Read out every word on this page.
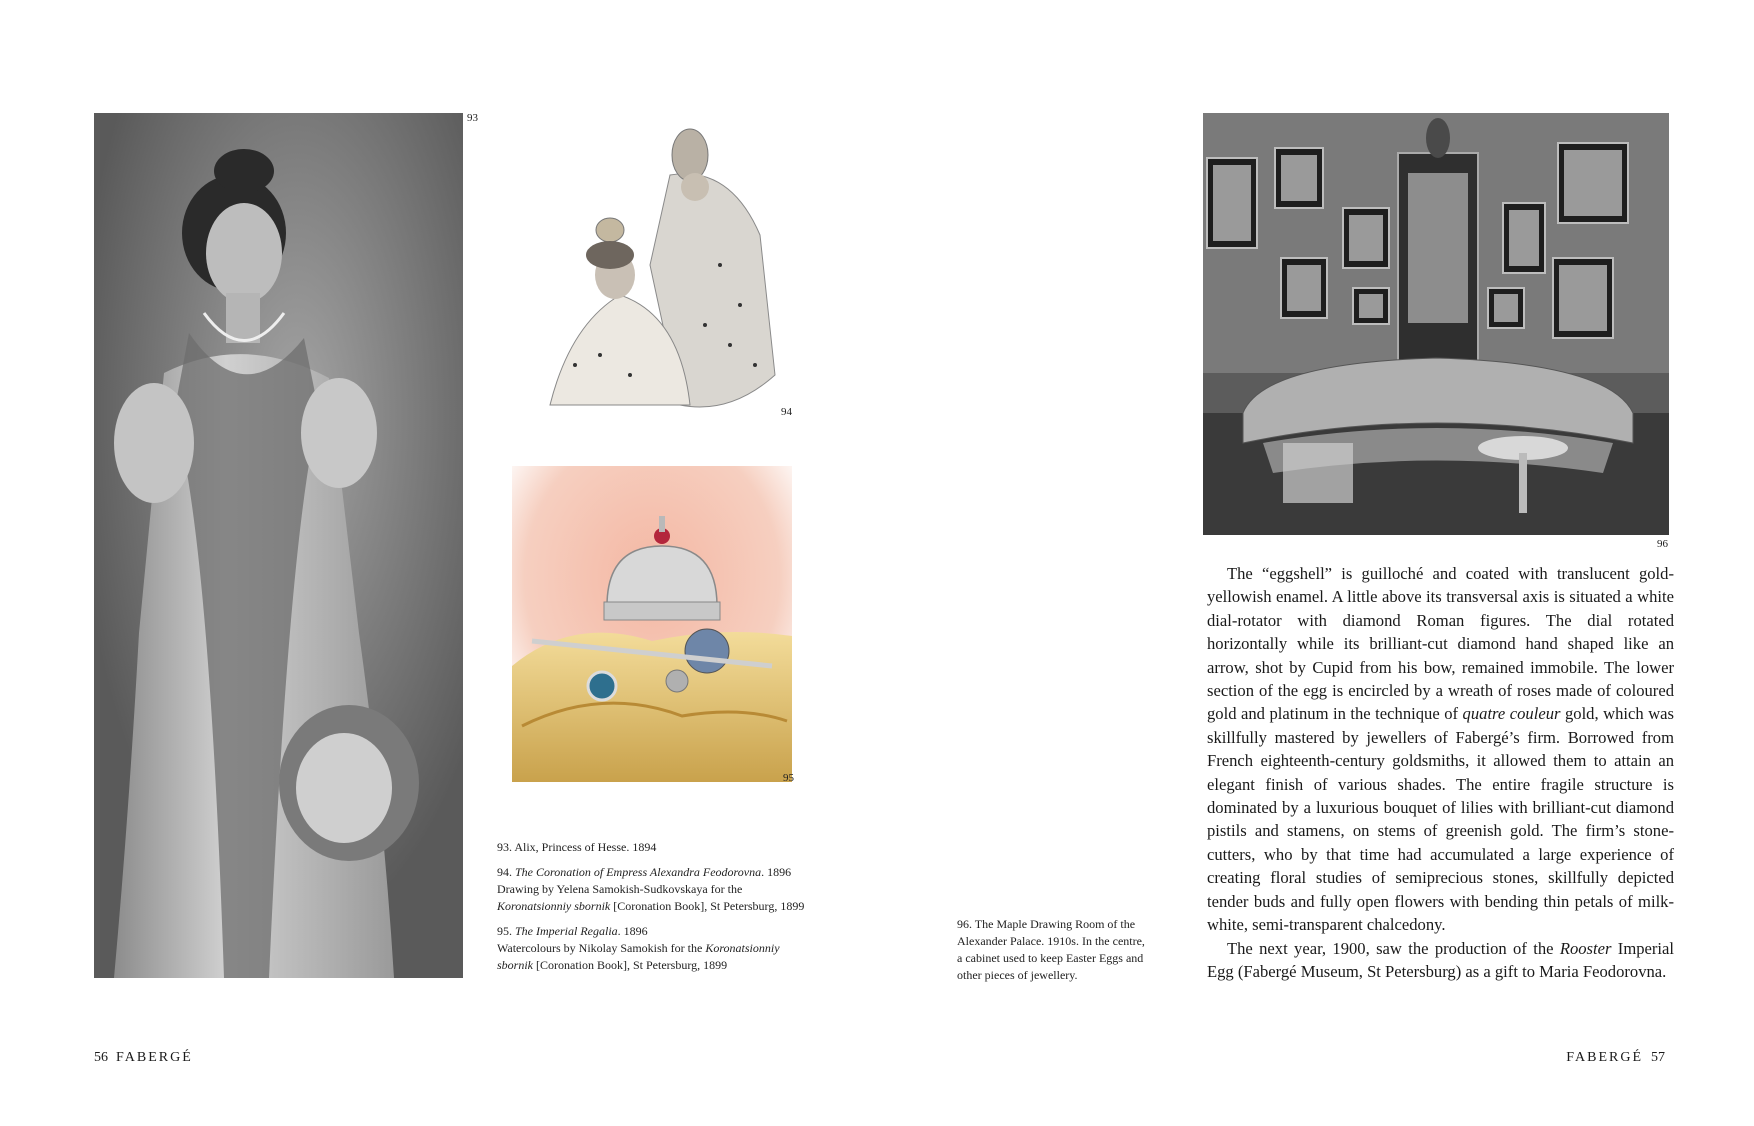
93
94
95
96

93. Alix, Princess of Hesse. 1894

94. The Coronation of Empress Alexandra Feodorovna. 1896
Drawing by Yelena Samokish-Sudkovskaya for the
Koronatsionniy sbornik [Coronation Book], St Petersburg, 1899

95. The Imperial Regalia. 1896
Watercolours by Nikolay Samokish for the Koronatsionniy
sbornik [Coronation Book], St Petersburg, 1899

96. The Maple Drawing Room of the
Alexander Palace. 1910s. In the centre,
a cabinet used to keep Easter Eggs and
other pieces of jewellery.

The “eggshell” is guilloché and coated with translucent gold-yellowish enamel. A little above its transversal axis is situated a white dial-rotator with diamond Roman figures. The dial rotated horizontally while its brilliant-cut diamond hand shaped like an arrow, shot by Cupid from his bow, remained immobile. The lower section of the egg is encircled by a wreath of roses made of coloured gold and platinum in the technique of quatre couleur gold, which was skillfully mastered by jewellers of Fabergé’s firm. Borrowed from French eighteenth-century goldsmiths, it allowed them to attain an elegant finish of various shades. The entire fragile structure is dominated by a luxurious bouquet of lilies with brilliant-cut diamond pistils and stamens, on stems of greenish gold. The firm’s stone-cutters, who by that time had accumulated a large experience of creating floral studies of semiprecious stones, skillfully depicted tender buds and fully open flowers with bending thin petals of milk-white, semi-transparent chalcedony.

The next year, 1900, saw the production of the Rooster Imperial Egg (Fabergé Museum, St Petersburg) as a gift to Maria Feodorovna.

56 FABERGÉ	FABERGÉ 57
